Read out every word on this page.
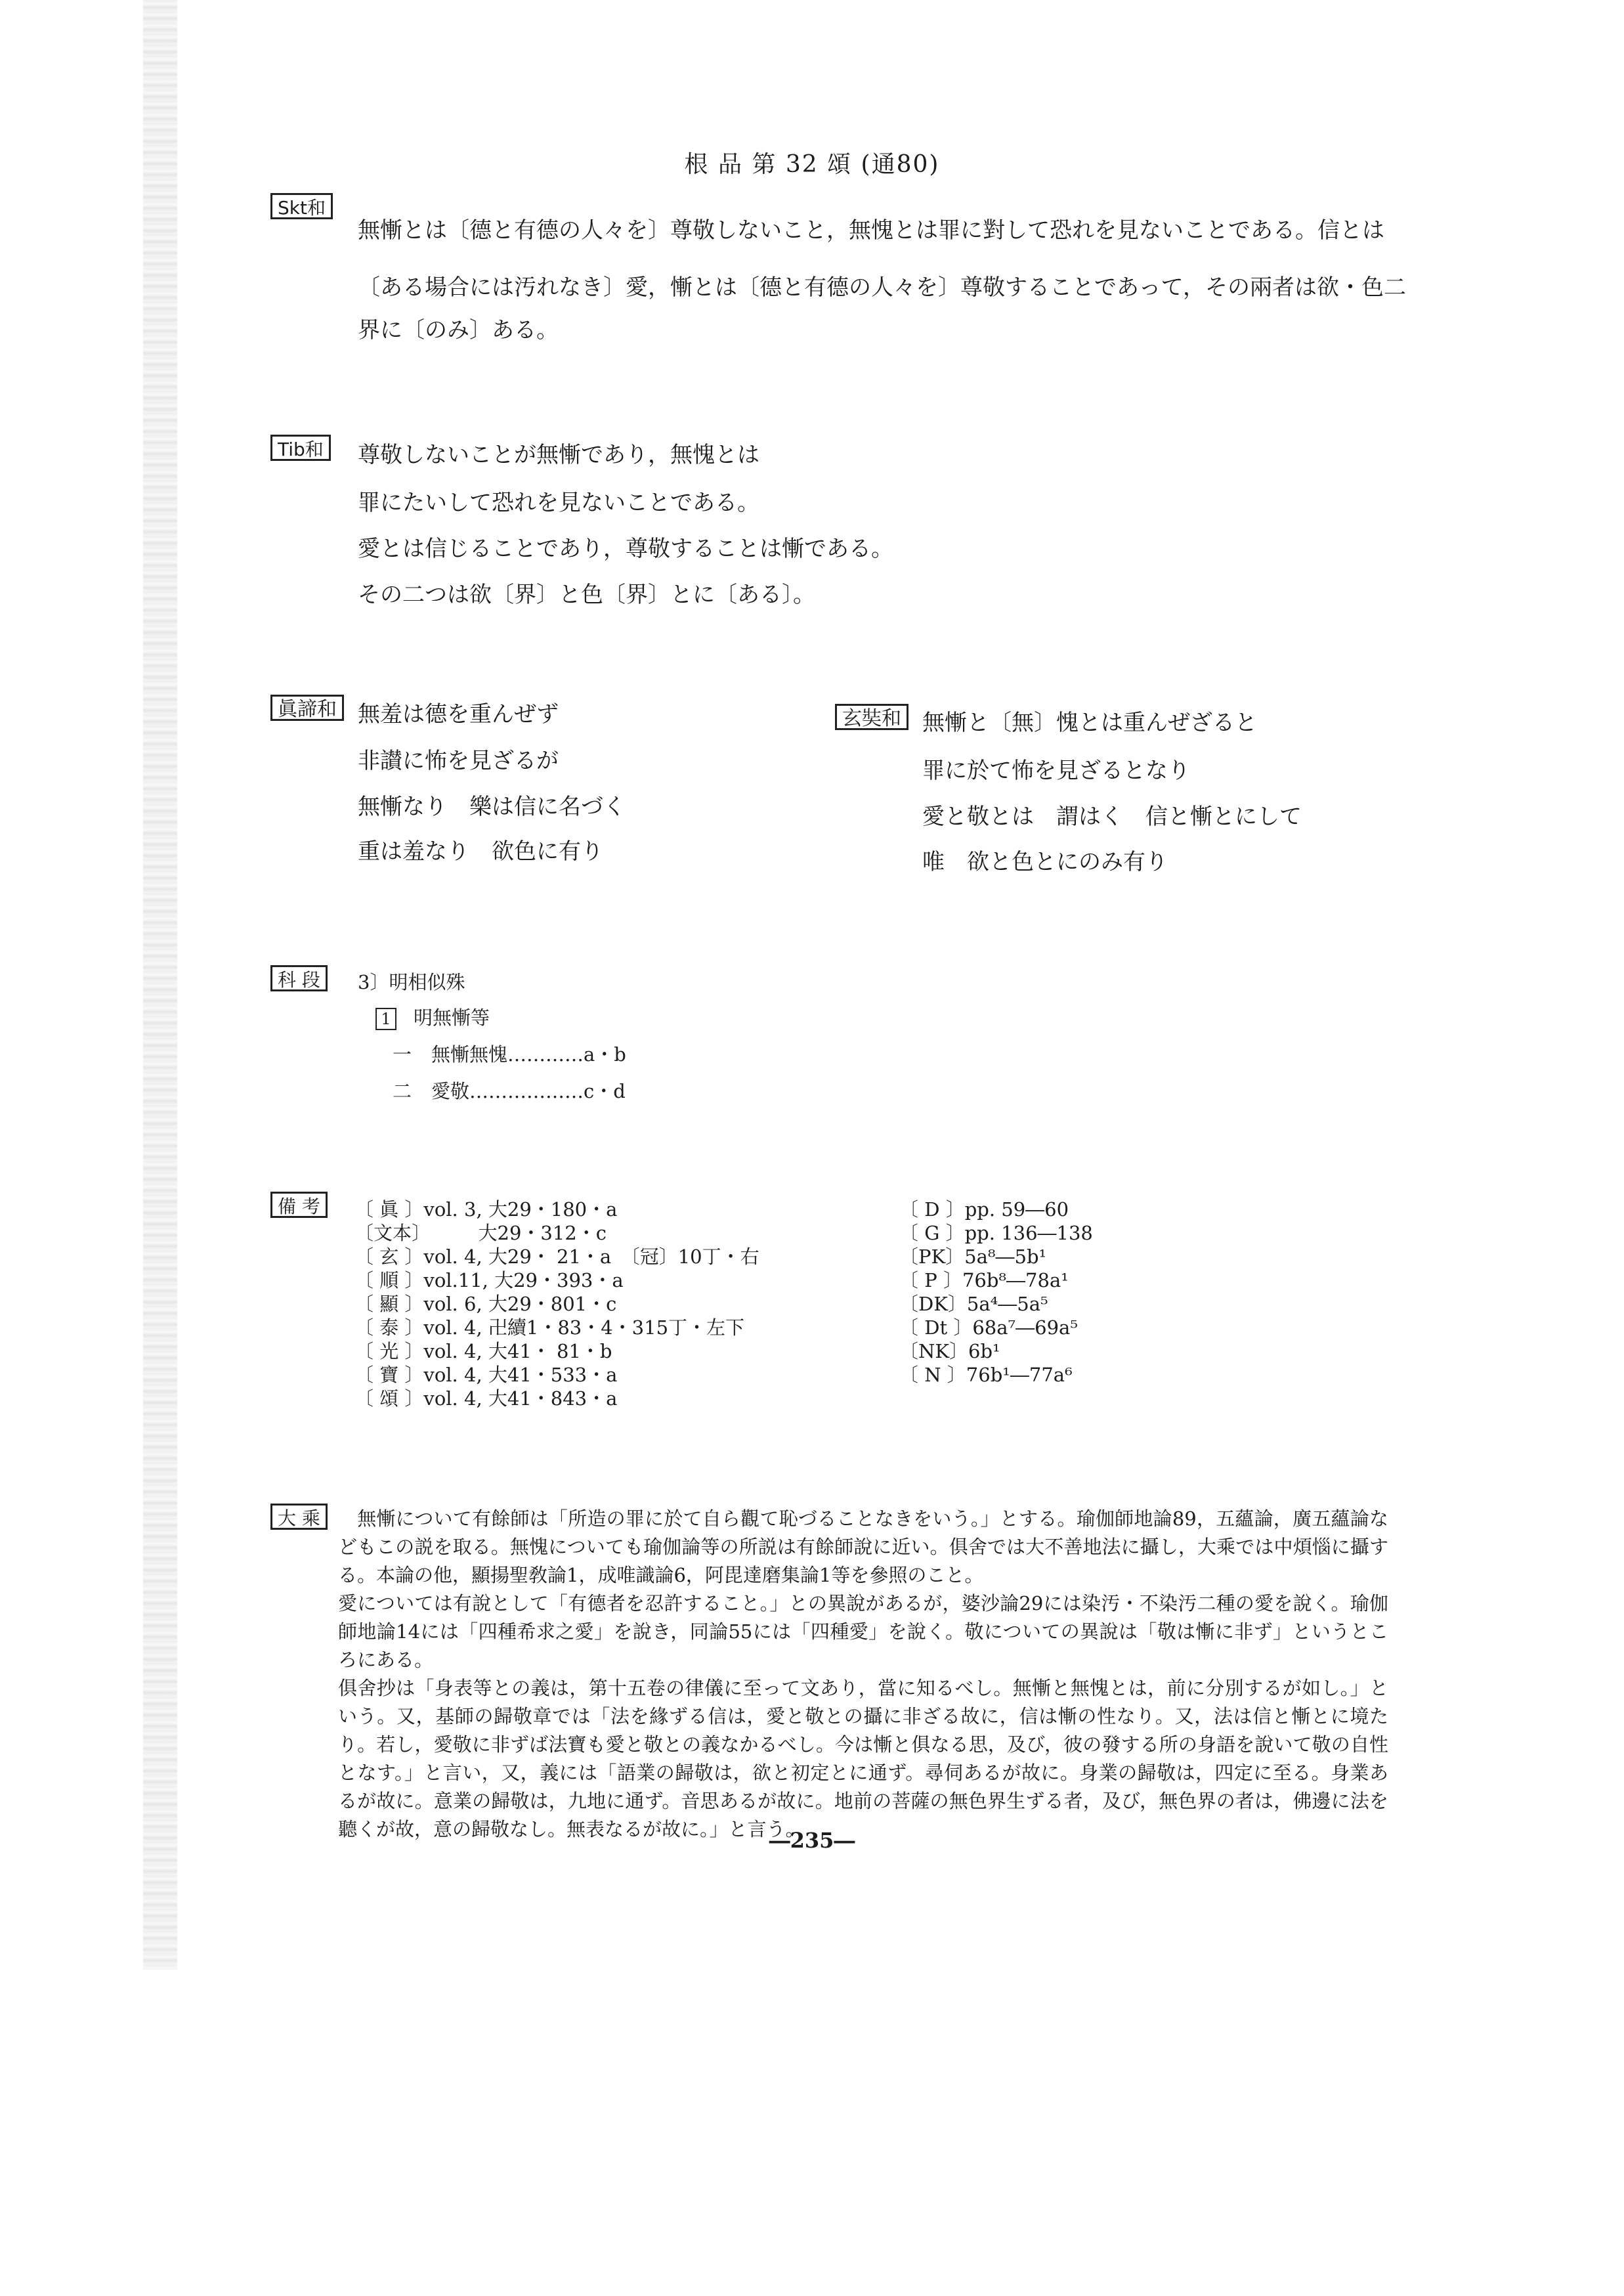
根 品 第 32 頌 (通80)
Skt和
無慚とは〔德と有德の人々を〕尊敬しないこと，無愧とは罪に對して恐れを見ないことである。信とは
〔ある場合には汚れなき〕愛，慚とは〔德と有德の人々を〕尊敬することであって，その兩者は欲・色二
界に〔のみ〕ある。
Tib和	尊敬しないことが無慚であり，無愧とは
罪にたいして恐れを見ないことである。
愛とは信じることであり，尊敬することは慚である。
その二つは欲〔界〕と色〔界〕とに〔ある〕。
眞諦和 無羞は德を重んぜず
非讃に怖を見ざるが
無慚なり　樂は信に名づく
重は羞なり　欲色に有り
玄奘和 無慚と〔無〕愧とは重んぜざると
罪に於て怖を見ざるとなり
愛と敬とは　謂はく　信と慚とにして
唯　欲と色とにのみ有り
科 段	3〕明相似殊
1 明無慚等
一 無慚無愧…………a・b
二 愛敬………………c・d
備 考	〔 眞 〕vol. 3, 大29・180・a
〔文本〕　　　大29・312・c
〔 玄 〕vol. 4, 大29・ 21・a　〔冠〕10丁・右
〔 順 〕vol.11, 大29・393・a
〔 顯 〕vol. 6, 大29・801・c
〔 泰 〕vol. 4, 卍續1・83・4・315丁・左下
〔 光 〕vol. 4, 大41・ 81・b
〔 寶 〕vol. 4, 大41・533・a
〔 頌 〕vol. 4, 大41・843・a
〔 D 〕pp. 59―60
〔 G 〕pp. 136―138
〔PK〕5a⁸―5b¹
〔 P 〕76b⁸―78a¹
〔DK〕5a⁴―5a⁵
〔 Dt 〕68a⁷―69a⁵
〔NK〕6b¹
〔 N 〕76b¹―77a⁶
大 乘 　無慚について有餘師は「所造の罪に於て自ら觀て恥づることなきをいう。」とする。瑜伽師地論89，五蘊論，廣五蘊論などもこの説を取る。無愧についても瑜伽論等の所説は有餘師說に近い。俱舍では大不善地法に攝し，大乘では中煩惱に攝する。本論の他，顯揚聖敎論1，成唯識論6，阿毘達磨集論1等を參照のこと。

愛については有說として「有德者を忍許すること。」との異說があるが，婆沙論29には染汚・不染汚二種の愛を說く。瑜伽師地論14には「四種希求之愛」を說き，同論55には「四種愛」を說く。敬についての異說は「敬は慚に非ず」というところにある。

俱舍抄は「身表等との義は，第十五卷の律儀に至って文あり，當に知るべし。無慚と無愧とは，前に分別するが如し。」という。又，基師の歸敬章では「法を緣ずる信は，愛と敬との攝に非ざる故に，信は慚の性なり。又，法は信と慚とに境たり。若し，愛敬に非ずば法寶も愛と敬との義なかるべし。今は慚と俱なる思，及び，彼の發する所の身語を說いて敬の自性となす。」と言い，又，義には「語業の歸敬は，欲と初定とに通ず。尋伺あるが故に。身業の歸敬は，四定に至る。身業あるが故に。意業の歸敬は，九地に通ず。音思あるが故に。地前の菩薩の無色界生ずる者，及び，無色界の者は，佛邊に法を聽くが故，意の歸敬なし。無表なるが故に。」と言う。

―235―
